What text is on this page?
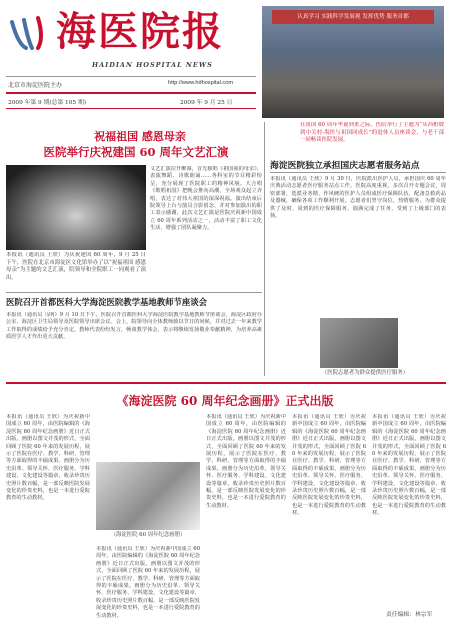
海医院报
HAIDIAN HOSPITAL NEWS
北京市海淀医院主办	http://www.hdhospital.com
2009 年第 9 期(总第 105 期)	2009 年 9 月 25 日
认真学习 实践科学发展观 发挥优势 服务首都
在祖国 60 周年华诞到来之际，医院举行了主题为“从西柏坡到中关村-海医与祖国同成长”的退休人员座谈会，与老干部一同畅谈医院发展。
祝福祖国 感恩母亲
医院举行庆祝建国 60 周年文艺汇演
本报讯（通讯员 王欣）为庆祝建国 60 周年，9 月 25 日下午，医院在北京市海淀区文化馆举办了以“祝福祖国 感恩母亲”为主题的文艺汇演，院领导和全院职工一同观看了演出。
文艺汇演拉开帷幕，首先独唱《祖国我的母亲》、表演舞蹈、诗歌朗诵……各科室的节目精彩纷呈，充分展现了医院职工的精神风貌。大合唱《歌唱祖国》把晚会推向高潮，全场观众起立齐唱，表达了对伟大祖国的深深祝福。演出结束后院领导上台与演员合影留念，并对参加演出的职工表示感谢。此次文艺汇演是医院庆祝新中国成立 60 周年系列活动之一，活动丰富了职工文化生活，增强了团队凝聚力。
海淀医院独立承担国庆志愿者服务站点
本报讯（通讯员 王欣）9 月 30 日，医院派出医护人员，承担国庆 60 周年庆典活动志愿者医疗服务站点工作。医院高度重视，多次召开专题会议，周密部署，选派业务精、作风硬的医护人员组成医疗保障队伍，配备急救药品及器械，确保各项工作顺利开展。志愿者们坚守岗位，热情服务，为群众提供了及时、周到的医疗保障服务，圆满完成了任务，受到了上级部门的表扬。
（医院志愿者为群众提供医疗服务）
医院召开首都医科大学海淀医院教学基地教师节座谈会
本报讯（通讯员 马明）9 月 10 日下午，医院召开首都医科大学海淀医院教学基地教师节座谈会，海淀区政府办公室、海淀区卫生局领导及医院领导出席会议。会上，院领导向全体教师致以节日的问候，并对过去一年来教学工作取得的成绩给予充分肯定。教师代表纷纷发言，畅谈教学体会，表示将继续发扬敬业奉献精神，为培养高素质医学人才作出更大贡献。
《海淀医院 60 周年纪念画册》正式出版
本报讯（通讯员 王欣）为庆祝新中国成立 60 周年，由医院编辑的《海淀医院 60 周年纪念画册》近日正式出版。画册以图文并茂的形式，全面回顾了医院 60 年来的发展历程，展示了医院在医疗、教学、科研、管理等方面取得的丰硕成果。画册分为历史沿革、领导关怀、医疗服务、学科建设、文化建设等篇章，收录珍贵历史照片数百幅，是一部反映医院发展变化的珍贵史料，也是一本进行爱院教育的生动教材。
（海淀医院 60 周年纪念画册）
本报讯（通讯员 王欣）为庆祝新中国成立 60 周年，由医院编辑的《海淀医院 60 周年纪念画册》近日正式出版。画册以图文并茂的形式，全面回顾了医院 60 年来的发展历程，展示了医院在医疗、教学、科研、管理等方面取得的丰硕成果。画册分为历史沿革、领导关怀、医疗服务、学科建设、文化建设等篇章，收录珍贵历史照片数百幅，是一部反映医院发展变化的珍贵史料，也是一本进行爱院教育的生动教材。
本报讯（通讯员 王欣）为庆祝新中国成立 60 周年，由医院编辑的《海淀医院 60 周年纪念画册》近日正式出版。画册以图文并茂的形式，全面回顾了医院 60 年来的发展历程，展示了医院在医疗、教学、科研、管理等方面取得的丰硕成果。画册分为历史沿革、领导关怀、医疗服务、学科建设、文化建设等篇章，收录珍贵历史照片数百幅，是一部反映医院发展变化的珍贵史料，也是一本进行爱院教育的生动教材。
本报讯（通讯员 王欣）为庆祝新中国成立 60 周年，由医院编辑的《海淀医院 60 周年纪念画册》近日正式出版。画册以图文并茂的形式，全面回顾了医院 60 年来的发展历程，展示了医院在医疗、教学、科研、管理等方面取得的丰硕成果。画册分为历史沿革、领导关怀、医疗服务、学科建设、文化建设等篇章，收录珍贵历史照片数百幅，是一部反映医院发展变化的珍贵史料，也是一本进行爱院教育的生动教材。
本报讯（通讯员 王欣）为庆祝新中国成立 60 周年，由医院编辑的《海淀医院 60 周年纪念画册》近日正式出版。画册以图文并茂的形式，全面回顾了医院 60 年来的发展历程，展示了医院在医疗、教学、科研、管理等方面取得的丰硕成果。画册分为历史沿革、领导关怀、医疗服务、学科建设、文化建设等篇章，收录珍贵历史照片数百幅，是一部反映医院发展变化的珍贵史料，也是一本进行爱院教育的生动教材。
责任编辑：林宗军
